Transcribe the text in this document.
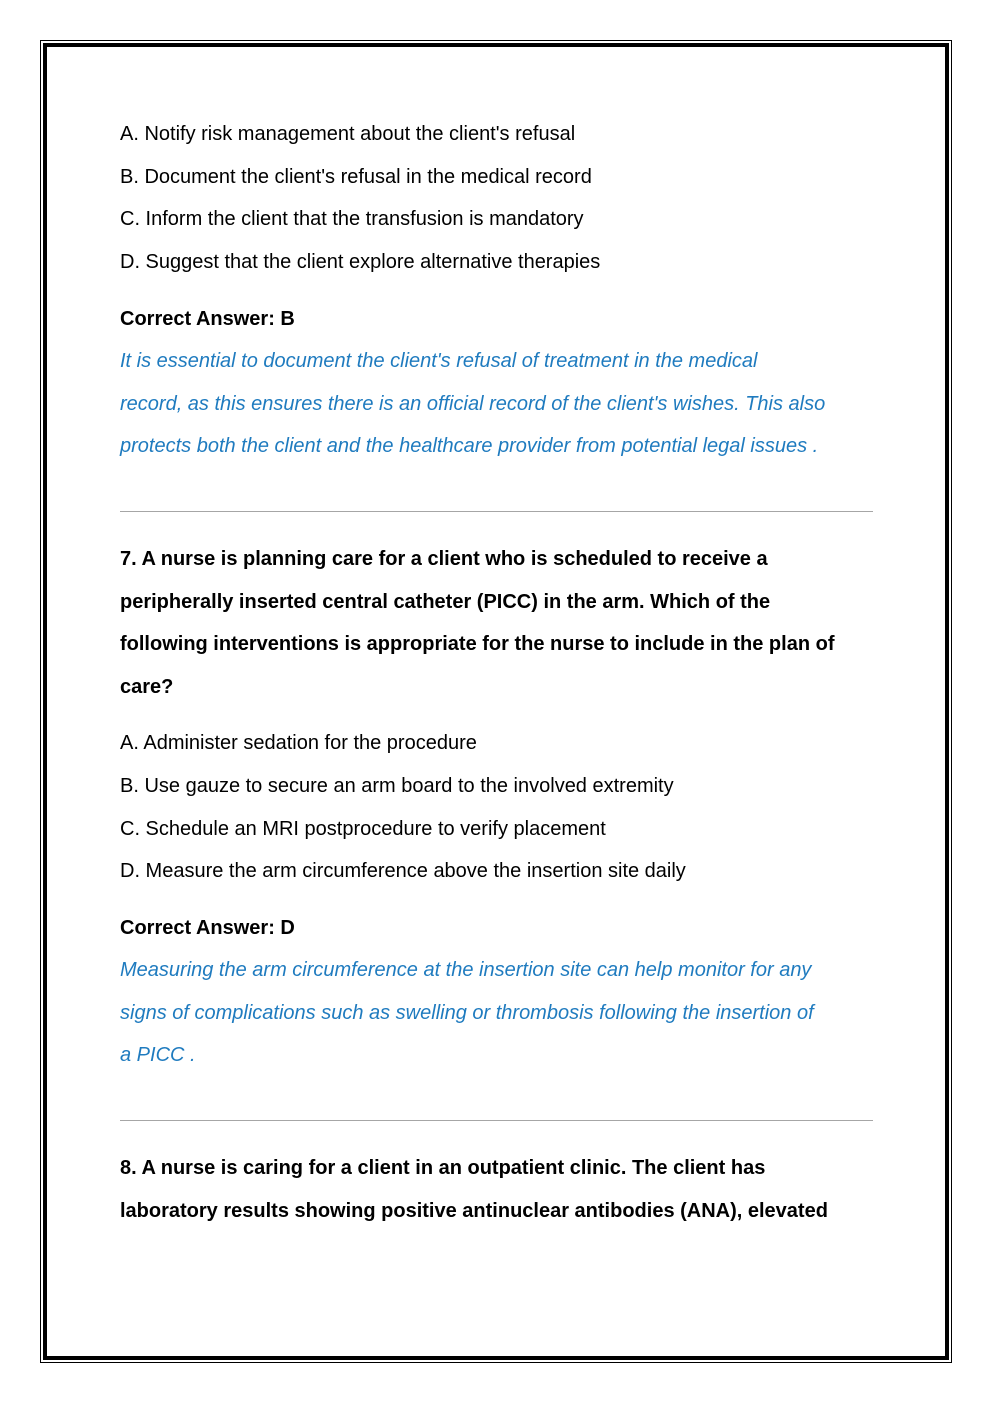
A. Notify risk management about the client's refusal
B. Document the client's refusal in the medical record
C. Inform the client that the transfusion is mandatory
D. Suggest that the client explore alternative therapies
Correct Answer: B
It is essential to document the client's refusal of treatment in the medical
record, as this ensures there is an official record of the client's wishes. This also
protects both the client and the healthcare provider from potential legal issues .
7. A nurse is planning care for a client who is scheduled to receive a
peripherally inserted central catheter (PICC) in the arm. Which of the
following interventions is appropriate for the nurse to include in the plan of
care?
A. Administer sedation for the procedure
B. Use gauze to secure an arm board to the involved extremity
C. Schedule an MRI postprocedure to verify placement
D. Measure the arm circumference above the insertion site daily
Correct Answer: D
Measuring the arm circumference at the insertion site can help monitor for any
signs of complications such as swelling or thrombosis following the insertion of
a PICC .
8. A nurse is caring for a client in an outpatient clinic. The client has
laboratory results showing positive antinuclear antibodies (ANA), elevated
